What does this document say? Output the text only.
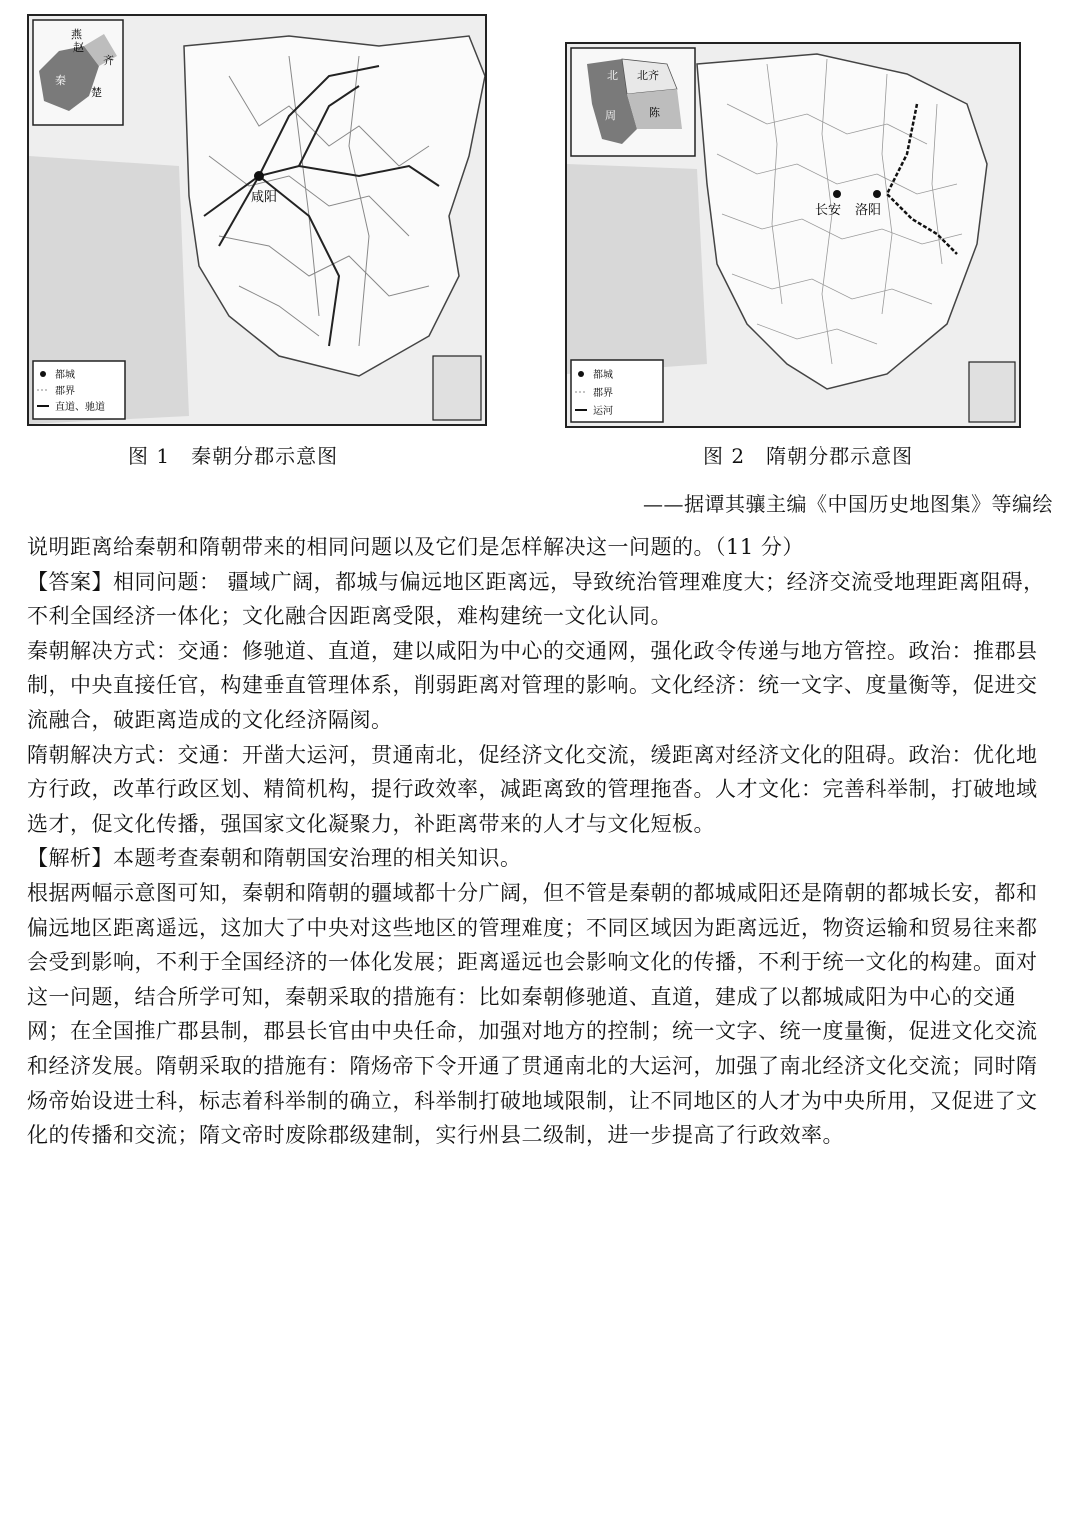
咸阳
燕
赵
齐
秦
楚
都城
郡界
直道、驰道
长安 洛阳
北 北齐
周	陈
都城
郡界
运河
图 1　秦朝分郡示意图	图 2　隋朝分郡示意图
——据谭其骧主编《中国历史地图集》等编绘

说明距离给秦朝和隋朝带来的相同问题以及它们是怎样解决这一问题的。（11 分）

【答案】相同问题： 疆域广阔，都城与偏远地区距离远，导致统治管理难度大；经济交流受地理距离阻碍，不利全国经济一体化；文化融合因距离受限，难构建统一文化认同。

秦朝解决方式：交通：修驰道、直道，建以咸阳为中心的交通网，强化政令传递与地方管控。政治：推郡县制，中央直接任官，构建垂直管理体系，削弱距离对管理的影响。文化经济：统一文字、度量衡等，促进交流融合，破距离造成的文化经济隔阂。

隋朝解决方式：交通：开凿大运河，贯通南北，促经济文化交流，缓距离对经济文化的阻碍。政治：优化地方行政，改革行政区划、精简机构，提行政效率，减距离致的管理拖沓。人才文化：完善科举制，打破地域选才，促文化传播，强国家文化凝聚力，补距离带来的人才与文化短板。

【解析】本题考查秦朝和隋朝国安治理的相关知识。

根据两幅示意图可知，秦朝和隋朝的疆域都十分广阔，但不管是秦朝的都城咸阳还是隋朝的都城长安，都和偏远地区距离遥远，这加大了中央对这些地区的管理难度；不同区域因为距离远近，物资运输和贸易往来都会受到影响，不利于全国经济的一体化发展；距离遥远也会影响文化的传播，不利于统一文化的构建。面对这一问题，结合所学可知，秦朝采取的措施有：比如秦朝修驰道、直道，建成了以都城咸阳为中心的交通网；在全国推广郡县制，郡县长官由中央任命，加强对地方的控制；统一文字、统一度量衡，促进文化交流和经济发展。隋朝采取的措施有：隋炀帝下令开通了贯通南北的大运河，加强了南北经济文化交流；同时隋炀帝始设进士科，标志着科举制的确立，科举制打破地域限制，让不同地区的人才为中央所用，又促进了文化的传播和交流；隋文帝时废除郡级建制，实行州县二级制，进一步提高了行政效率。
